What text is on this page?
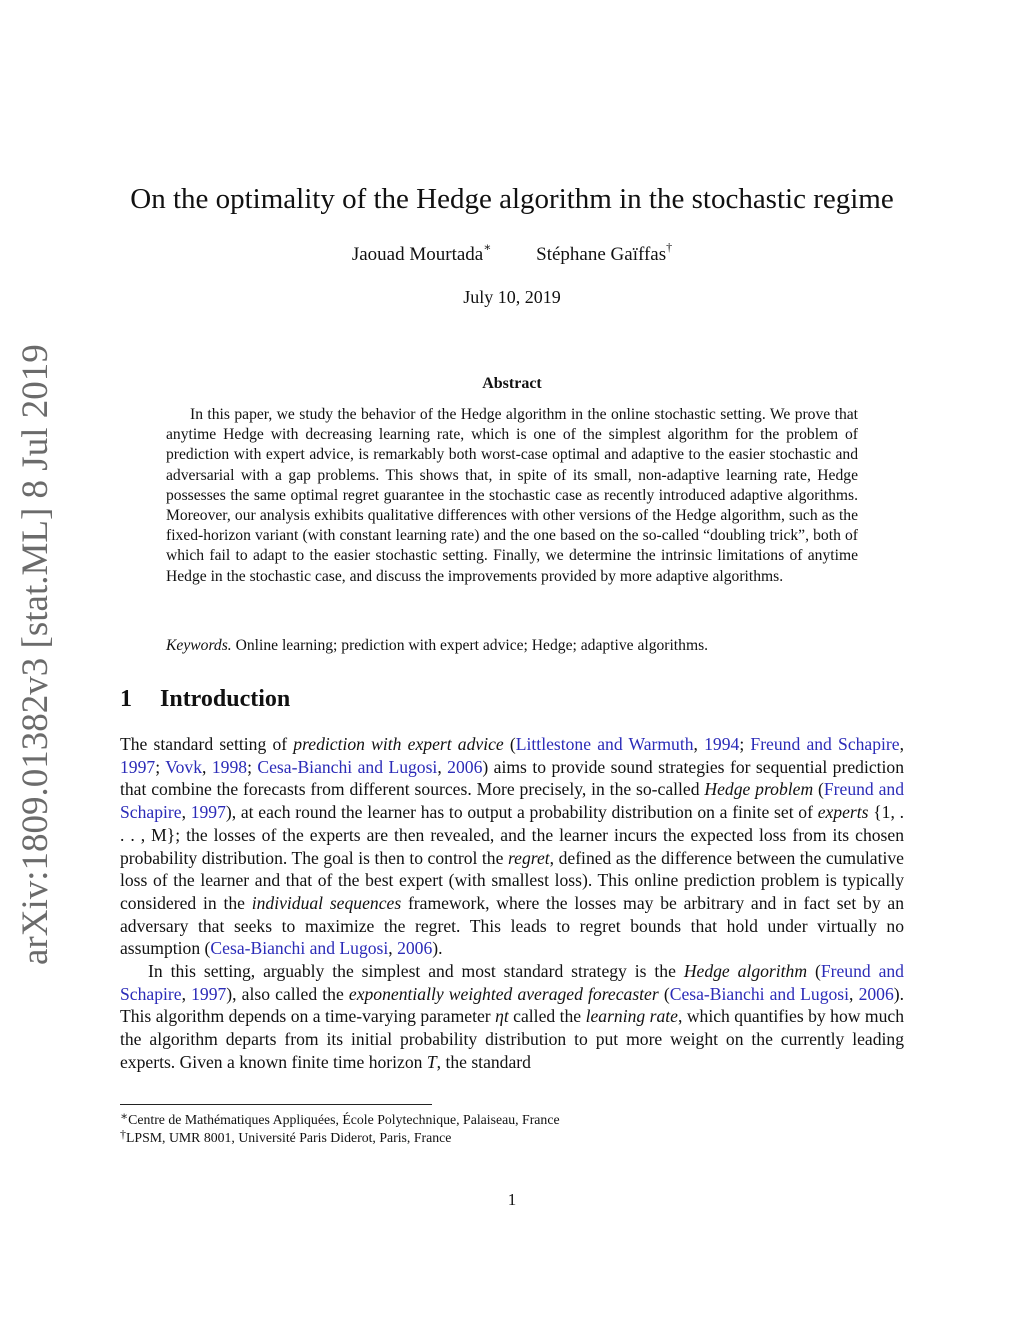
arXiv:1809.01382v3 [stat.ML] 8 Jul 2019
On the optimality of the Hedge algorithm in the stochastic regime
Jaouad Mourtada∗ Stéphane Gaïffas†
July 10, 2019
Abstract

In this paper, we study the behavior of the Hedge algorithm in the online stochastic setting. We prove that anytime Hedge with decreasing learning rate, which is one of the simplest algorithm for the problem of prediction with expert advice, is remarkably both worst-case optimal and adaptive to the easier stochastic and adversarial with a gap problems. This shows that, in spite of its small, non-adaptive learning rate, Hedge possesses the same optimal regret guarantee in the stochastic case as recently introduced adaptive algorithms. Moreover, our analysis exhibits qualitative differences with other versions of the Hedge algorithm, such as the fixed-horizon variant (with constant learning rate) and the one based on the so-called “doubling trick”, both of which fail to adapt to the easier stochastic setting. Finally, we determine the intrinsic limitations of anytime Hedge in the stochastic case, and discuss the improvements provided by more adaptive algorithms.

Keywords. Online learning; prediction with expert advice; Hedge; adaptive algorithms.
1 Introduction

The standard setting of prediction with expert advice (Littlestone and Warmuth, 1994; Freund and Schapire, 1997; Vovk, 1998; Cesa-Bianchi and Lugosi, 2006) aims to provide sound strategies for sequential prediction that combine the forecasts from different sources. More precisely, in the so-called Hedge problem (Freund and Schapire, 1997), at each round the learner has to output a probability distribution on a finite set of experts {1, . . . , M}; the losses of the experts are then revealed, and the learner incurs the expected loss from its chosen probability distribution. The goal is then to control the regret, defined as the difference between the cumulative loss of the learner and that of the best expert (with smallest loss). This online prediction problem is typically considered in the individual sequences framework, where the losses may be arbitrary and in fact set by an adversary that seeks to maximize the regret. This leads to regret bounds that hold under virtually no assumption (Cesa-Bianchi and Lugosi, 2006).

In this setting, arguably the simplest and most standard strategy is the Hedge algorithm (Freund and Schapire, 1997), also called the exponentially weighted averaged forecaster (Cesa-Bianchi and Lugosi, 2006). This algorithm depends on a time-varying parameter ηt called the learning rate, which quantifies by how much the algorithm departs from its initial probability distribution to put more weight on the currently leading experts. Given a known finite time horizon T, the standard

∗Centre de Mathématiques Appliquées, École Polytechnique, Palaiseau, France
†LPSM, UMR 8001, Université Paris Diderot, Paris, France
1
